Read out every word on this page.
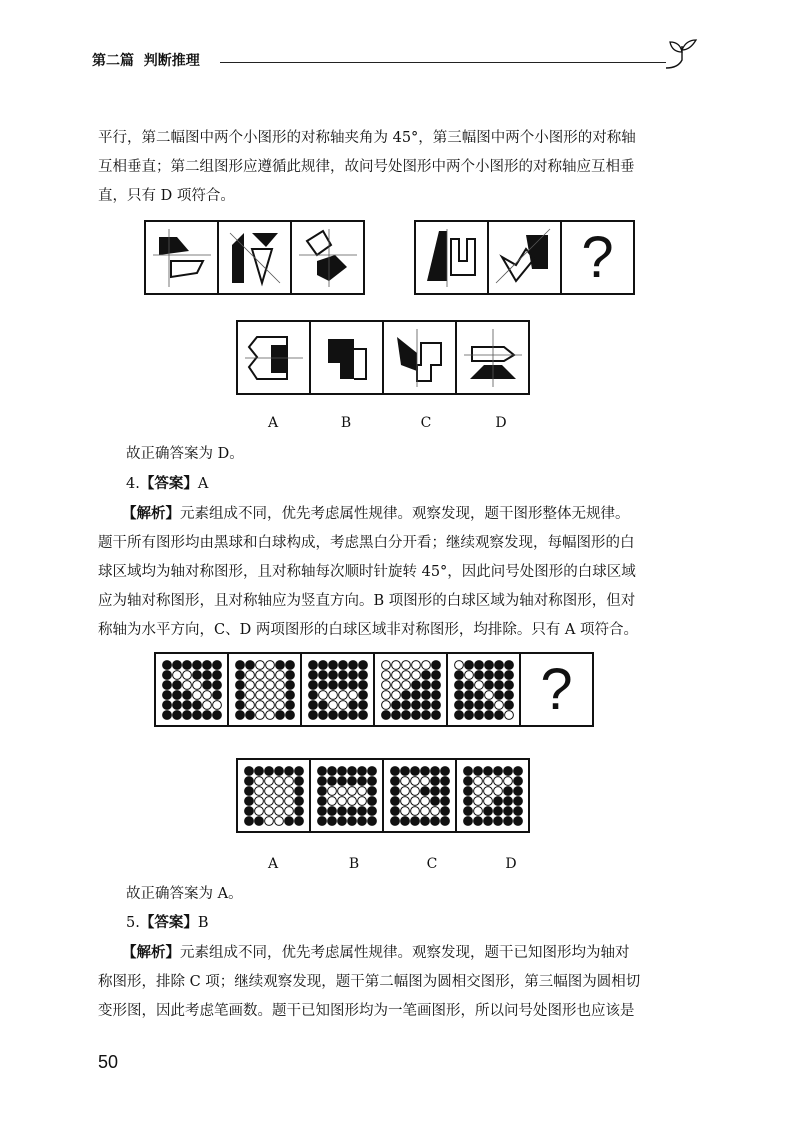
第二篇 判断推理

平行，第二幅图中两个小图形的对称轴夹角为 45°，第三幅图中两个小图形的对称轴
互相垂直；第二组图形应遵循此规律，故问号处图形中两个小图形的对称轴应互相垂
直，只有 D 项符合。

?
A	B	C	D

故正确答案为 D。

4.【答案】A

【解析】元素组成不同，优先考虑属性规律。观察发现，题干图形整体无规律。
题干所有图形均由黑球和白球构成，考虑黑白分开看；继续观察发现，每幅图形的白
球区域均为轴对称图形，且对称轴每次顺时针旋转 45°，因此问号处图形的白球区域
应为轴对称图形，且对称轴应为竖直方向。B 项图形的白球区域为轴对称图形，但对
称轴为水平方向，C、D 两项图形的白球区域非对称图形，均排除。只有 A 项符合。

?
A	B	C	D

故正确答案为 A。

5.【答案】B

【解析】元素组成不同，优先考虑属性规律。观察发现，题干已知图形均为轴对
称图形，排除 C 项；继续观察发现，题干第二幅图为圆相交图形，第三幅图为圆相切
变形图，因此考虑笔画数。题干已知图形均为一笔画图形，所以问号处图形也应该是

50
